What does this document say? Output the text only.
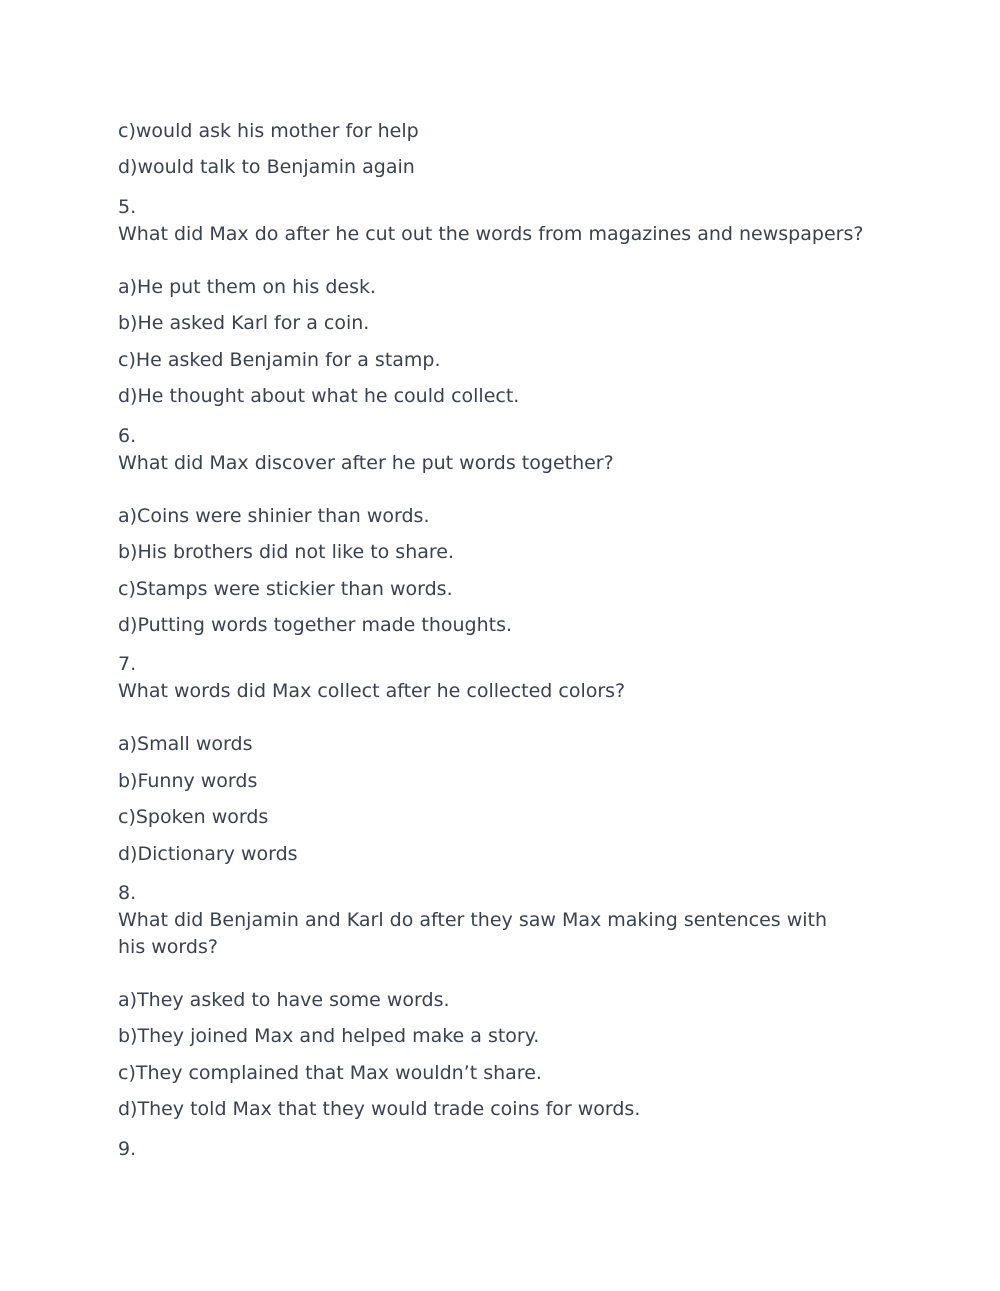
c)would ask his mother for help
d)would talk to Benjamin again
5.
What did Max do after he cut out the words from magazines and newspapers?
a)He put them on his desk.
b)He asked Karl for a coin.
c)He asked Benjamin for a stamp.
d)He thought about what he could collect.
6.
What did Max discover after he put words together?
a)Coins were shinier than words.
b)His brothers did not like to share.
c)Stamps were stickier than words.
d)Putting words together made thoughts.
7.
What words did Max collect after he collected colors?
a)Small words
b)Funny words
c)Spoken words
d)Dictionary words
8.
What did Benjamin and Karl do after they saw Max making sentences with his words?
a)They asked to have some words.
b)They joined Max and helped make a story.
c)They complained that Max wouldn’t share.
d)They told Max that they would trade coins for words.
9.
